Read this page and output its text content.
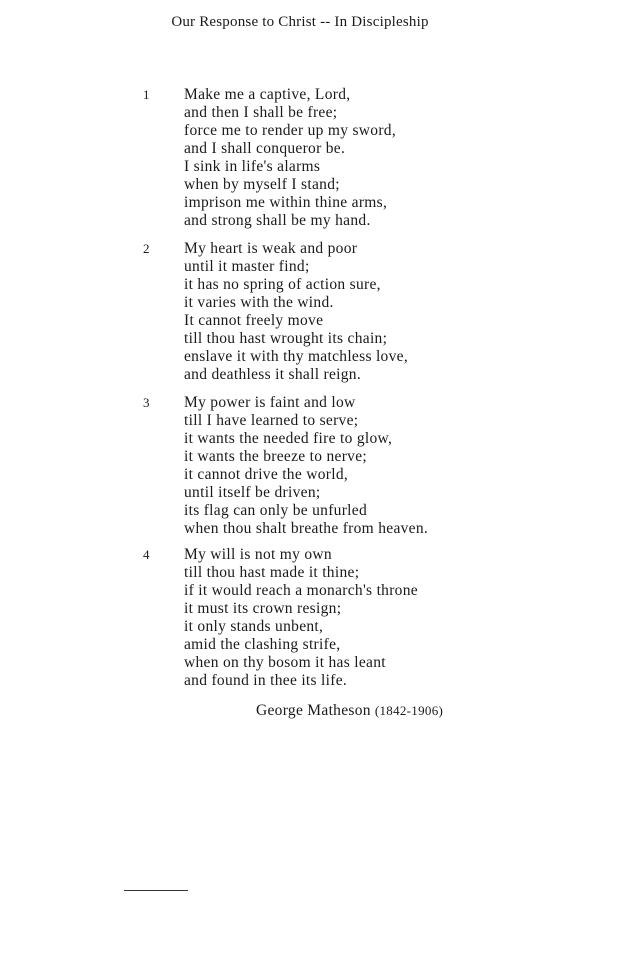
Our Response to Christ -- In Discipleship
1 Make me a captive, Lord,
and then I shall be free;
force me to render up my sword,
and I shall conqueror be.
I sink in life's alarms
when by myself I stand;
imprison me within thine arms,
and strong shall be my hand.
2 My heart is weak and poor
until it master find;
it has no spring of action sure,
it varies with the wind.
It cannot freely move
till thou hast wrought its chain;
enslave it with thy matchless love,
and deathless it shall reign.
3 My power is faint and low
till I have learned to serve;
it wants the needed fire to glow,
it wants the breeze to nerve;
it cannot drive the world,
until itself be driven;
its flag can only be unfurled
when thou shalt breathe from heaven.
4 My will is not my own
till thou hast made it thine;
if it would reach a monarch's throne
it must its crown resign;
it only stands unbent,
amid the clashing strife,
when on thy bosom it has leant
and found in thee its life.
George Matheson (1842-1906)
